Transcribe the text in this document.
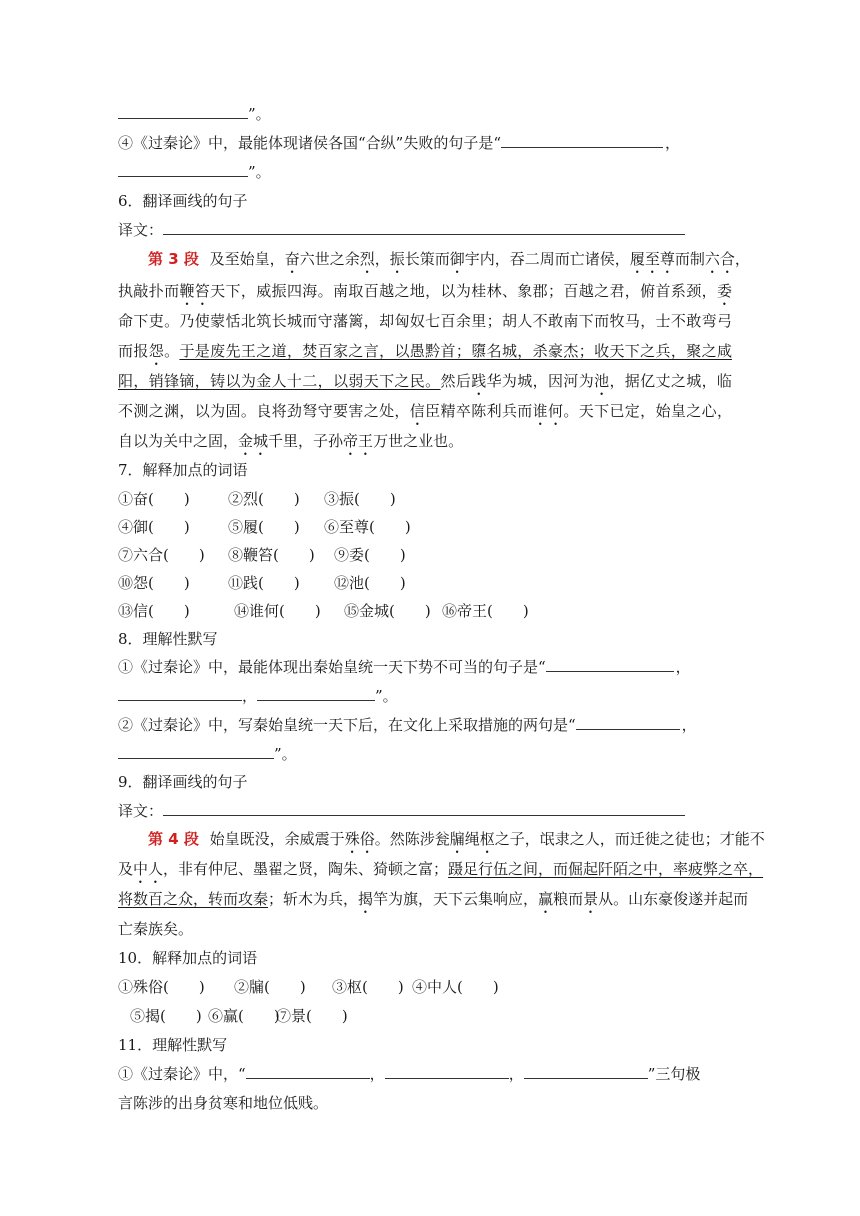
”。
④《过秦论》中，最能体现诸侯各国“合纵”失败的句子是“	，
”。
6．翻译画线的句子
译文：
第 3 段 及至始皇，奋六世之余烈，振长策而御宇内，吞二周而亡诸侯，履至尊而制六合，
执敲扑而鞭笞天下，威振四海。南取百越之地，以为桂林、象郡；百越之君，俯首系颈，委
命下吏。乃使蒙恬北筑长城而守藩篱，却匈奴七百余里；胡人不敢南下而牧马，士不敢弯弓
而报怨。于是废先王之道，焚百家之言，以愚黔首；隳名城，杀豪杰；收天下之兵，聚之咸
阳，销锋镝，铸以为金人十二，以弱天下之民。然后践华为城，因河为池，据亿丈之城，临
不测之渊，以为固。良将劲弩守要害之处，信臣精卒陈利兵而谁何。天下已定，始皇之心，
自以为关中之固，金城千里，子孙帝王万世之业也。
7．解释加点的词语
①奋(　　)	②烈(　　) ③振(　　)
④御(　　)	⑤履(　　) ⑥至尊(　　)
⑦六合(　　) ⑧鞭笞(　　) ⑨委(　　)
⑩怨(　　)	⑪践(　　) ⑫池(　　)
⑬信(　　)	⑭谁何(　　) ⑮金城(　　) ⑯帝王(　　)
8．理解性默写
①《过秦论》中，最能体现出秦始皇统一天下势不可当的句子是“	，
，	”。
②《过秦论》中，写秦始皇统一天下后，在文化上采取措施的两句是“	，
”。
9．翻译画线的句子
译文：
第 4 段 始皇既没，余威震于殊俗。然陈涉瓮牖绳枢之子，氓隶之人，而迁徙之徒也；才能不
及中人，非有仲尼、墨翟之贤，陶朱、猗顿之富；蹑足行伍之间，而倔起阡陌之中，率疲弊之卒，
将数百之众，转而攻秦；斩木为兵，揭竿为旗，天下云集响应，赢粮而景从。山东豪俊遂并起而
亡秦族矣。
10．解释加点的词语
①殊俗(　　) ②牖(　　) ③枢(　　) ④中人(　　)
⑤揭(　　) ⑥赢(　　)⑦景(　　)
11．理解性默写
①《过秦论》中，“	，	，	”三句极
言陈涉的出身贫寒和地位低贱。
